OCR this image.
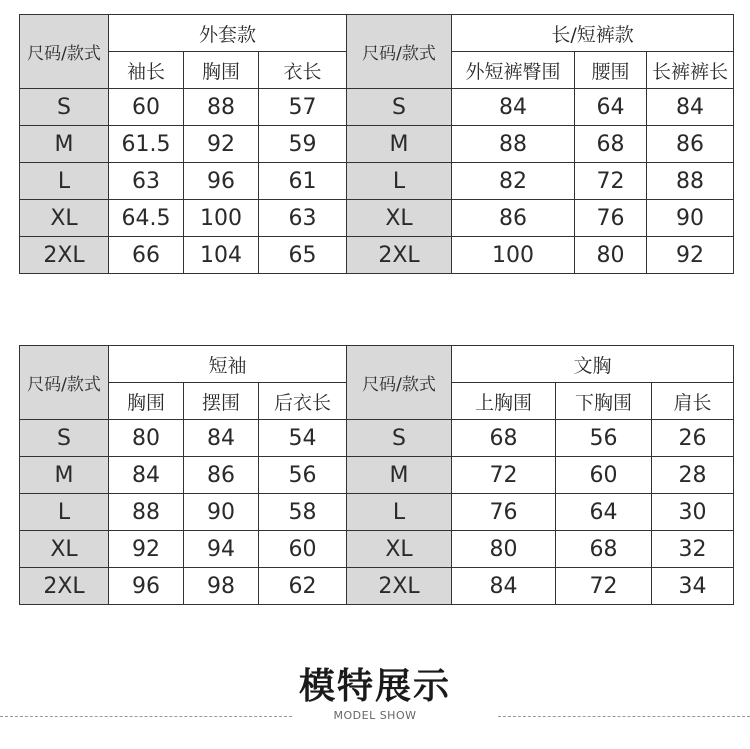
尺码/款式	外套款			尺码/款式	长/短裤款		
	袖长	胸围	衣长		外短裤臀围	腰围	长裤裤长
S	60	88	57	S	84	64	84
M	61.5	92	59	M	88	68	86
L	63	96	61	L	82	72	88
XL	64.5	100	63	XL	86	76	90
2XL	66	104	65	2XL	100	80	92
尺码/款式	短袖			尺码/款式	文胸		
	胸围	摆围	后衣长		上胸围	下胸围	肩长
S	80	84	54	S	68	56	26
M	84	86	56	M	72	60	28
L	88	90	58	L	76	64	30
XL	92	94	60	XL	80	68	32
2XL	96	98	62	2XL	84	72	34
模特展示
MODEL SHOW
